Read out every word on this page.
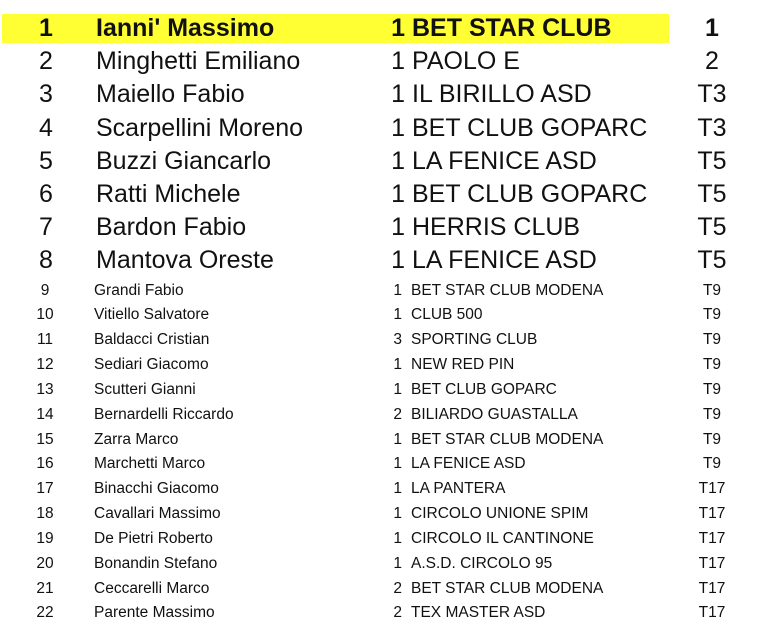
1	Ianni' Massimo	1 BET STAR CLUB	1
2	Minghetti Emiliano	1 PAOLO E	2
3	Maiello Fabio	1 IL BIRILLO ASD	T3
4	Scarpellini Moreno	1 BET CLUB GOPARC	T3
5	Buzzi Giancarlo	1 LA FENICE ASD	T5
6	Ratti Michele	1 BET CLUB GOPARC	T5
7	Bardon Fabio	1 HERRIS CLUB	T5
8	Mantova Oreste	1 LA FENICE ASD	T5
9	Grandi Fabio	1 BET STAR CLUB MODENA	T9
10	Vitiello Salvatore	1 CLUB 500	T9
11	Baldacci Cristian	3 SPORTING CLUB	T9
12	Sediari Giacomo	1 NEW RED PIN	T9
13	Scutteri Gianni	1 BET CLUB GOPARC	T9
14	Bernardelli Riccardo	2 BILIARDO GUASTALLA	T9
15	Zarra Marco	1 BET STAR CLUB MODENA	T9
16	Marchetti Marco	1 LA FENICE ASD	T9
17	Binacchi Giacomo	1 LA PANTERA	T17
18	Cavallari Massimo	1 CIRCOLO UNIONE SPIM	T17
19	De Pietri Roberto	1 CIRCOLO IL CANTINONE	T17
20	Bonandin Stefano	1 A.S.D. CIRCOLO 95	T17
21	Ceccarelli Marco	2 BET STAR CLUB MODENA	T17
22	Parente Massimo	2 TEX MASTER ASD	T17
